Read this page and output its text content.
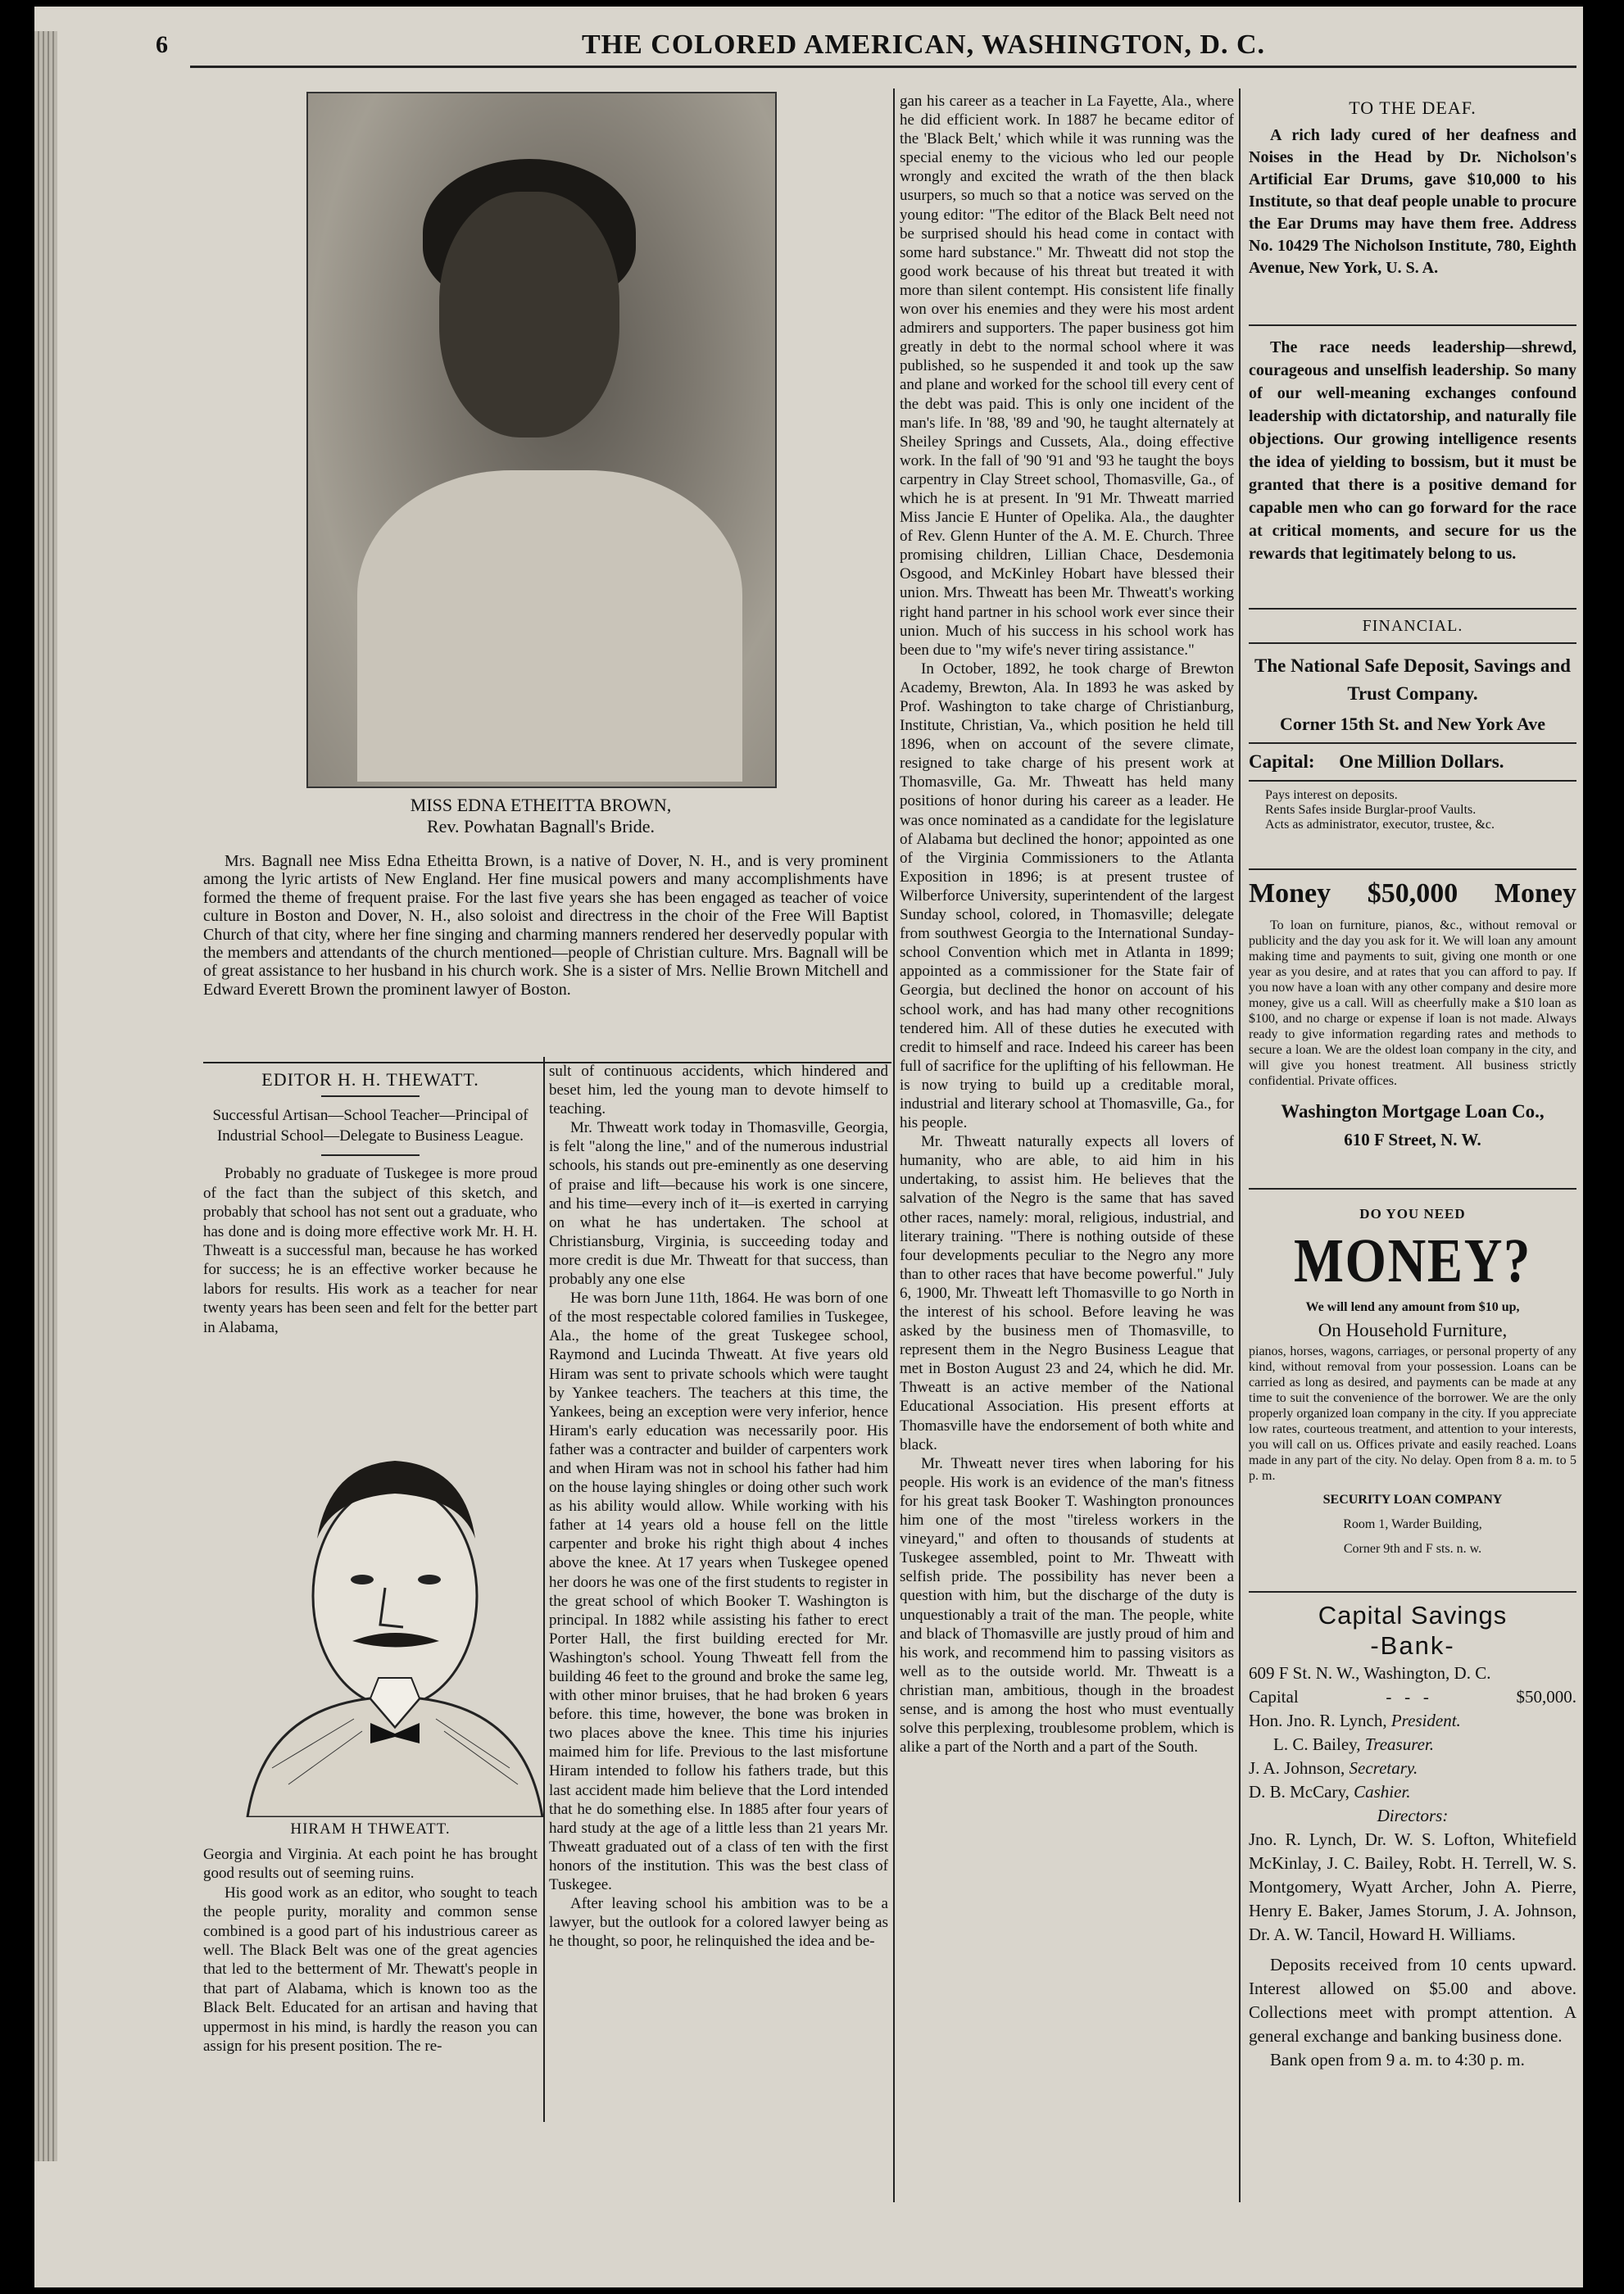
6	THE COLORED AMERICAN, WASHINGTON, D. C.
MISS EDNA ETHEITTA BROWN,
Rev. Powhatan Bagnall's Bride.

Mrs. Bagnall nee Miss Edna Etheitta Brown, is a native of Dover, N. H., and is very prominent among the lyric artists of New England. Her fine musical powers and many accomplishments have formed the theme of frequent praise. For the last five years she has been engaged as teacher of voice culture in Boston and Dover, N. H., also soloist and directress in the choir of the Free Will Baptist Church of that city, where her fine singing and charming manners rendered her deservedly popular with the members and attendants of the church mentioned—people of Christian culture. Mrs. Bagnall will be of great assistance to her husband in his church work. She is a sister of Mrs. Nellie Brown Mitchell and Edward Everett Brown the prominent lawyer of Boston.

EDITOR H. H. THEWATT.
Successful Artisan—School Teacher—Principal of Industrial School—Delegate to Business League.

Probably no graduate of Tuskegee is more proud of the fact than the subject of this sketch, and probably that school has not sent out a graduate, who has done and is doing more effective work Mr. H. H. Thweatt is a successful man, because he has worked for success; he is an effective worker because he labors for results. His work as a teacher for near twenty years has been seen and felt for the better part in Alabama,

HIRAM H THWEATT.

Georgia and Virginia. At each point he has brought good results out of seeming ruins.

His good work as an editor, who sought to teach the people purity, morality and common sense combined is a good part of his industrious career as well. The Black Belt was one of the great agencies that led to the betterment of Mr. Thewatt's people in that part of Alabama, which is known too as the Black Belt. Educated for an artisan and having that uppermost in his mind, is hardly the reason you can assign for his present position. The re-

sult of continuous accidents, which hindered and beset him, led the young man to devote himself to teaching.

Mr. Thweatt work today in Thomasville, Georgia, is felt "along the line," and of the numerous industrial schools, his stands out pre-eminently as one deserving of praise and lift—because his work is one sincere, and his time—every inch of it—is exerted in carrying on what he has undertaken. The school at Christiansburg, Virginia, is succeeding today and more credit is due Mr. Thweatt for that success, than probably any one else

He was born June 11th, 1864. He was born of one of the most respectable colored families in Tuskegee, Ala., the home of the great Tuskegee school, Raymond and Lucinda Thweatt. At five years old Hiram was sent to private schools which were taught by Yankee teachers. The teachers at this time, the Yankees, being an exception were very inferior, hence Hiram's early education was necessarily poor. His father was a contracter and builder of carpenters work and when Hiram was not in school his father had him on the house laying shingles or doing other such work as his ability would allow. While working with his father at 14 years old a house fell on the little carpenter and broke his right thigh about 4 inches above the knee. At 17 years when Tuskegee opened her doors he was one of the first students to register in the great school of which Booker T. Washington is principal. In 1882 while assisting his father to erect Porter Hall, the first building erected for Mr. Washington's school. Young Thweatt fell from the building 46 feet to the ground and broke the same leg, with other minor bruises, that he had broken 6 years before. this time, however, the bone was broken in two places above the knee. This time his injuries maimed him for life. Previous to the last misfortune Hiram intended to follow his fathers trade, but this last accident made him believe that the Lord intended that he do something else. In 1885 after four years of hard study at the age of a little less than 21 years Mr. Thweatt graduated out of a class of ten with the first honors of the institution. This was the best class of Tuskegee.

After leaving school his ambition was to be a lawyer, but the outlook for a colored lawyer being as he thought, so poor, he relinquished the idea and be-

gan his career as a teacher in La Fayette, Ala., where he did efficient work. In 1887 he became editor of the 'Black Belt,' which while it was running was the special enemy to the vicious who led our people wrongly and excited the wrath of the then black usurpers, so much so that a notice was served on the young editor: "The editor of the Black Belt need not be surprised should his head come in contact with some hard substance." Mr. Thweatt did not stop the good work because of his threat but treated it with more than silent contempt. His consistent life finally won over his enemies and they were his most ardent admirers and supporters. The paper business got him greatly in debt to the normal school where it was published, so he suspended it and took up the saw and plane and worked for the school till every cent of the debt was paid. This is only one incident of the man's life. In '88, '89 and '90, he taught alternately at Sheiley Springs and Cussets, Ala., doing effective work. In the fall of '90 '91 and '93 he taught the boys carpentry in Clay Street school, Thomasville, Ga., of which he is at present. In '91 Mr. Thweatt married Miss Jancie E Hunter of Opelika. Ala., the daughter of Rev. Glenn Hunter of the A. M. E. Church. Three promising children, Lillian Chace, Desdemonia Osgood, and McKinley Hobart have blessed their union. Mrs. Thweatt has been Mr. Thweatt's working right hand partner in his school work ever since their union. Much of his success in his school work has been due to "my wife's never tiring assistance."

In October, 1892, he took charge of Brewton Academy, Brewton, Ala. In 1893 he was asked by Prof. Washington to take charge of Christianburg, Institute, Christian, Va., which position he held till 1896, when on account of the severe climate, resigned to take charge of his present work at Thomasville, Ga. Mr. Thweatt has held many positions of honor during his career as a leader. He was once nominated as a candidate for the legislature of Alabama but declined the honor; appointed as one of the Virginia Commissioners to the Atlanta Exposition in 1896; is at present trustee of Wilberforce University, superintendent of the largest Sunday school, colored, in Thomasville; delegate from southwest Georgia to the International Sunday-school Convention which met in Atlanta in 1899; appointed as a commissioner for the State fair of Georgia, but declined the honor on account of his school work, and has had many other recognitions tendered him. All of these duties he executed with credit to himself and race. Indeed his career has been full of sacrifice for the uplifting of his fellowman. He is now trying to build up a creditable moral, industrial and literary school at Thomasville, Ga., for his people.

Mr. Thweatt naturally expects all lovers of humanity, who are able, to aid him in his undertaking, to assist him. He believes that the salvation of the Negro is the same that has saved other races, namely: moral, religious, industrial, and literary training. "There is nothing outside of these four developments peculiar to the Negro any more than to other races that have become powerful." July 6, 1900, Mr. Thweatt left Thomasville to go North in the interest of his school. Before leaving he was asked by the business men of Thomasville, to represent them in the Negro Business League that met in Boston August 23 and 24, which he did. Mr. Thweatt is an active member of the National Educational Association. His present efforts at Thomasville have the endorsement of both white and black.

Mr. Thweatt never tires when laboring for his people. His work is an evidence of the man's fitness for his great task Booker T. Washington pronounces him one of the most "tireless workers in the vineyard," and often to thousands of students at Tuskegee assembled, point to Mr. Thweatt with selfish pride. The possibility has never been a question with him, but the discharge of the duty is unquestionably a trait of the man. The people, white and black of Thomasville are justly proud of him and his work, and recommend him to passing visitors as well as to the outside world. Mr. Thweatt is a christian man, ambitious, though in the broadest sense, and is among the host who must eventually solve this perplexing, troublesome problem, which is alike a part of the North and a part of the South.

TO THE DEAF.

A rich lady cured of her deafness and Noises in the Head by Dr. Nicholson's Artificial Ear Drums, gave $10,000 to his Institute, so that deaf people unable to procure the Ear Drums may have them free. Address No. 10429 The Nicholson Institute, 780, Eighth Avenue, New York, U. S. A.

The race needs leadership—shrewd, courageous and unselfish leadership. So many of our well-meaning exchanges confound leadership with dictatorship, and naturally file objections. Our growing intelligence resents the idea of yielding to bossism, but it must be granted that there is a positive demand for capable men who can go forward for the race at critical moments, and secure for us the rewards that legitimately belong to us.

FINANCIAL.
The National Safe Deposit, Savings and Trust Company.
Corner 15th St. and New York Ave
Capital: One Million Dollars.
Pays interest on deposits.
Rents Safes inside Burglar-proof Vaults.
Acts as administrator, executor, trustee, &c.
Money $50,000 Money

To loan on furniture, pianos, &c., without removal or publicity and the day you ask for it. We will loan any amount making time and payments to suit, giving one month or one year as you desire, and at rates that you can afford to pay. If you now have a loan with any other company and desire more money, give us a call. Will as cheerfully make a $10 loan as $100, and no charge or expense if loan is not made. Always ready to give information regarding rates and methods to secure a loan. We are the oldest loan company in the city, and will give you honest treatment. All business strictly confidential. Private offices.

Washington Mortgage Loan Co.,
610 F Street, N. W.
DO YOU NEED
MONEY?
We will lend any amount from $10 up,
On Household Furniture,

pianos, horses, wagons, carriages, or personal property of any kind, without removal from your possession. Loans can be carried as long as desired, and payments can be made at any time to suit the convenience of the borrower. We are the only properly organized loan company in the city. If you appreciate low rates, courteous treatment, and attention to your interests, you will call on us. Offices private and easily reached. Loans made in any part of the city. No delay. Open from 8 a. m. to 5 p. m.

SECURITY LOAN COMPANY
Room 1, Warder Building,
Corner 9th and F sts. n. w.
Capital Savings
-Bank-
609 F St. N. W., Washington, D. C.
Capital	-   -   -	$50,000.
Hon. Jno. R. Lynch, President.
L. C. Bailey, Treasurer.
J. A. Johnson, Secretary.
D. B. McCary, Cashier.
Directors:

Jno. R. Lynch, Dr. W. S. Lofton, Whitefield McKinlay, J. C. Bailey, Robt. H. Terrell, W. S. Montgomery, Wyatt Archer, John A. Pierre, Henry E. Baker, James Storum, J. A. Johnson, Dr. A. W. Tancil, Howard H. Williams.

Deposits received from 10 cents upward. Interest allowed on $5.00 and above. Collections meet with prompt attention. A general exchange and banking business done.

Bank open from 9 a. m. to 4:30 p. m.
